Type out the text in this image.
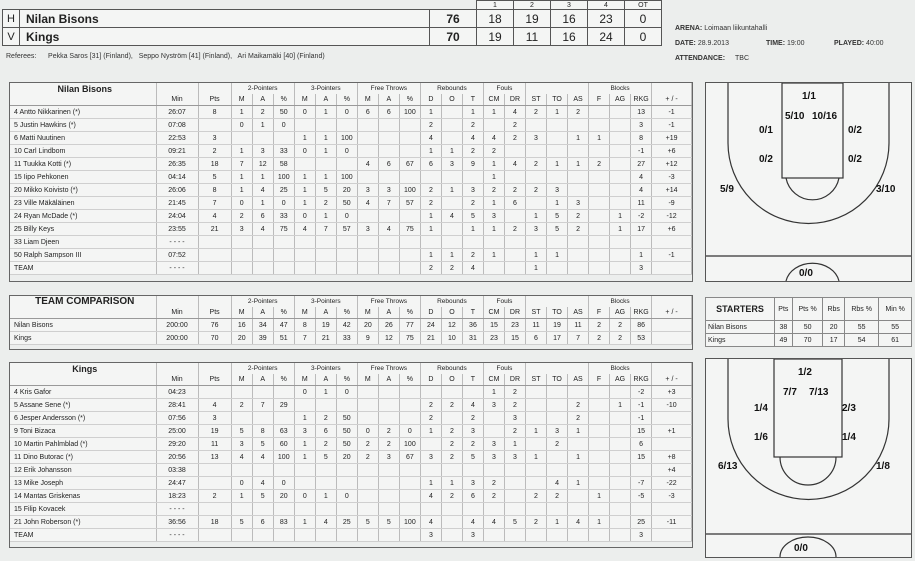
			1	2	3	4	OT
H	Nilan Bisons	76	18	19	16	23	0
V	Kings	70	19	11	16	24	0
Referees: Pekka Saros [31] (Finland), Seppo Nyström [41] (Finland), Ari Maikamäki [40] (Finland)
ARENA: Loimaan liikuntahalli
DATE: 28.9.2013	TIME: 19:00	PLAYED: 40:00
ATTENDANCE: TBC
Nilan Bisons			2-Pointers			3-Pointers			Free Throws			Rebounds			Fouls					Blocks			
	Min	Pts	M	A	%	M	A	%	M	A	%	D	O	T	CM	DR	ST	TO	AS	F	AG	RKG	+ / -
4 Antto Nikkarinen (*)	26:07	8	1	2	50	0	1	0	6	6	100	1		1	1	4	2	1	2			13	-1
5 Justin Hawkins (*)	07:08		0	1	0							2		2		2						3	-1
6 Matti Nuutinen	22:53	3				1	1	100				4		4	4	2	3		1	1		8	+19
10 Carl Lindbom	09:21	2	1	3	33	0	1	0				1	1	2	2							-1	+6
11 Tuukka Kotti (*)	26:35	18	7	12	58				4	6	67	6	3	9	1	4	2	1	1	2		27	+12
15 Iipo Pehkonen	04:14	5	1	1	100	1	1	100							1							4	-3
20 Mikko Koivisto (*)	26:06	8	1	4	25	1	5	20	3	3	100	2	1	3	2	2	2	3				4	+14
23 Ville Mäkäläinen	21:45	7	0	1	0	1	2	50	4	7	57	2		2	1	6		1	3			11	-9
24 Ryan McDade (*)	24:04	4	2	6	33	0	1	0				1	4	5	3		1	5	2		1	-2	-12
25 Billy Keys	23:55	21	3	4	75	4	7	57	3	4	75	1		1	1	2	3	5	2		1	17	+6
33 Liam Djeen	- - - -																						
50 Ralph Sampson III	07:52											1	1	2	1		1	1				1	-1
TEAM	- - - -											2	2	4			1					3	
TEAM COMPARISON			2-Pointers			3-Pointers			Free Throws			Rebounds			Fouls					Blocks			
	Min	Pts	M	A	%	M	A	%	M	A	%	D	O	T	CM	DR	ST	TO	AS	F	AG	RKG	+ / -
Nilan Bisons	200:00	76	16	34	47	8	19	42	20	26	77	24	12	36	15	23	11	19	11	2	2	86	
Kings	200:00	70	20	39	51	7	21	33	9	12	75	21	10	31	23	15	6	17	7	2	2	53	
Kings			2-Pointers			3-Pointers			Free Throws			Rebounds			Fouls					Blocks			
	Min	Pts	M	A	%	M	A	%	M	A	%	D	O	T	CM	DR	ST	TO	AS	F	AG	RKG	+ / -
4 Kris Gafor	04:23					0	1	0							1	2						-2	+3
5 Assane Sene (*)	28:41	4	2	7	29							2	2	4	3	2			2		1	-1	-10
6 Jesper Andersson (*)	07:56	3				1	2	50				2		2		3			2			-1	
9 Toni Bizaca	25:00	19	5	8	63	3	6	50	0	2	0	1	2	3		2	1	3	1			15	+1
10 Martin Pahlmblad (*)	29:20	11	3	5	60	1	2	50	2	2	100		2	2	3	1		2				6	
11 Dino Butorac (*)	20:56	13	4	4	100	1	5	20	2	3	67	3	2	5	3	3	1		1			15	+8
12 Erik Johansson	03:38																						+4
13 Mike Joseph	24:47		0	4	0							1	1	3	2			4	1			-7	-22
14 Mantas Griskenas	18:23	2	1	5	20	0	1	0				4	2	6	2		2	2		1		-5	-3
15 Filip Kovacek	- - - -																						
21 John Roberson (*)	36:56	18	5	6	83	1	4	25	5	5	100	4		4	4	5	2	1	4	1		25	-11
TEAM	- - - -											3		3								3	
STARTERS	Pts	Pts %	Rbs	Rbs %	Min %
Nilan Bisons	38	50	20	55	55
Kings	49	70	17	54	61
1/1
5/10 10/16
0/1	0/2
0/2	0/2
5/9	3/10
0/0
1/2
7/7 7/13
1/4	2/3
1/6	1/4
6/13	1/8
0/0
